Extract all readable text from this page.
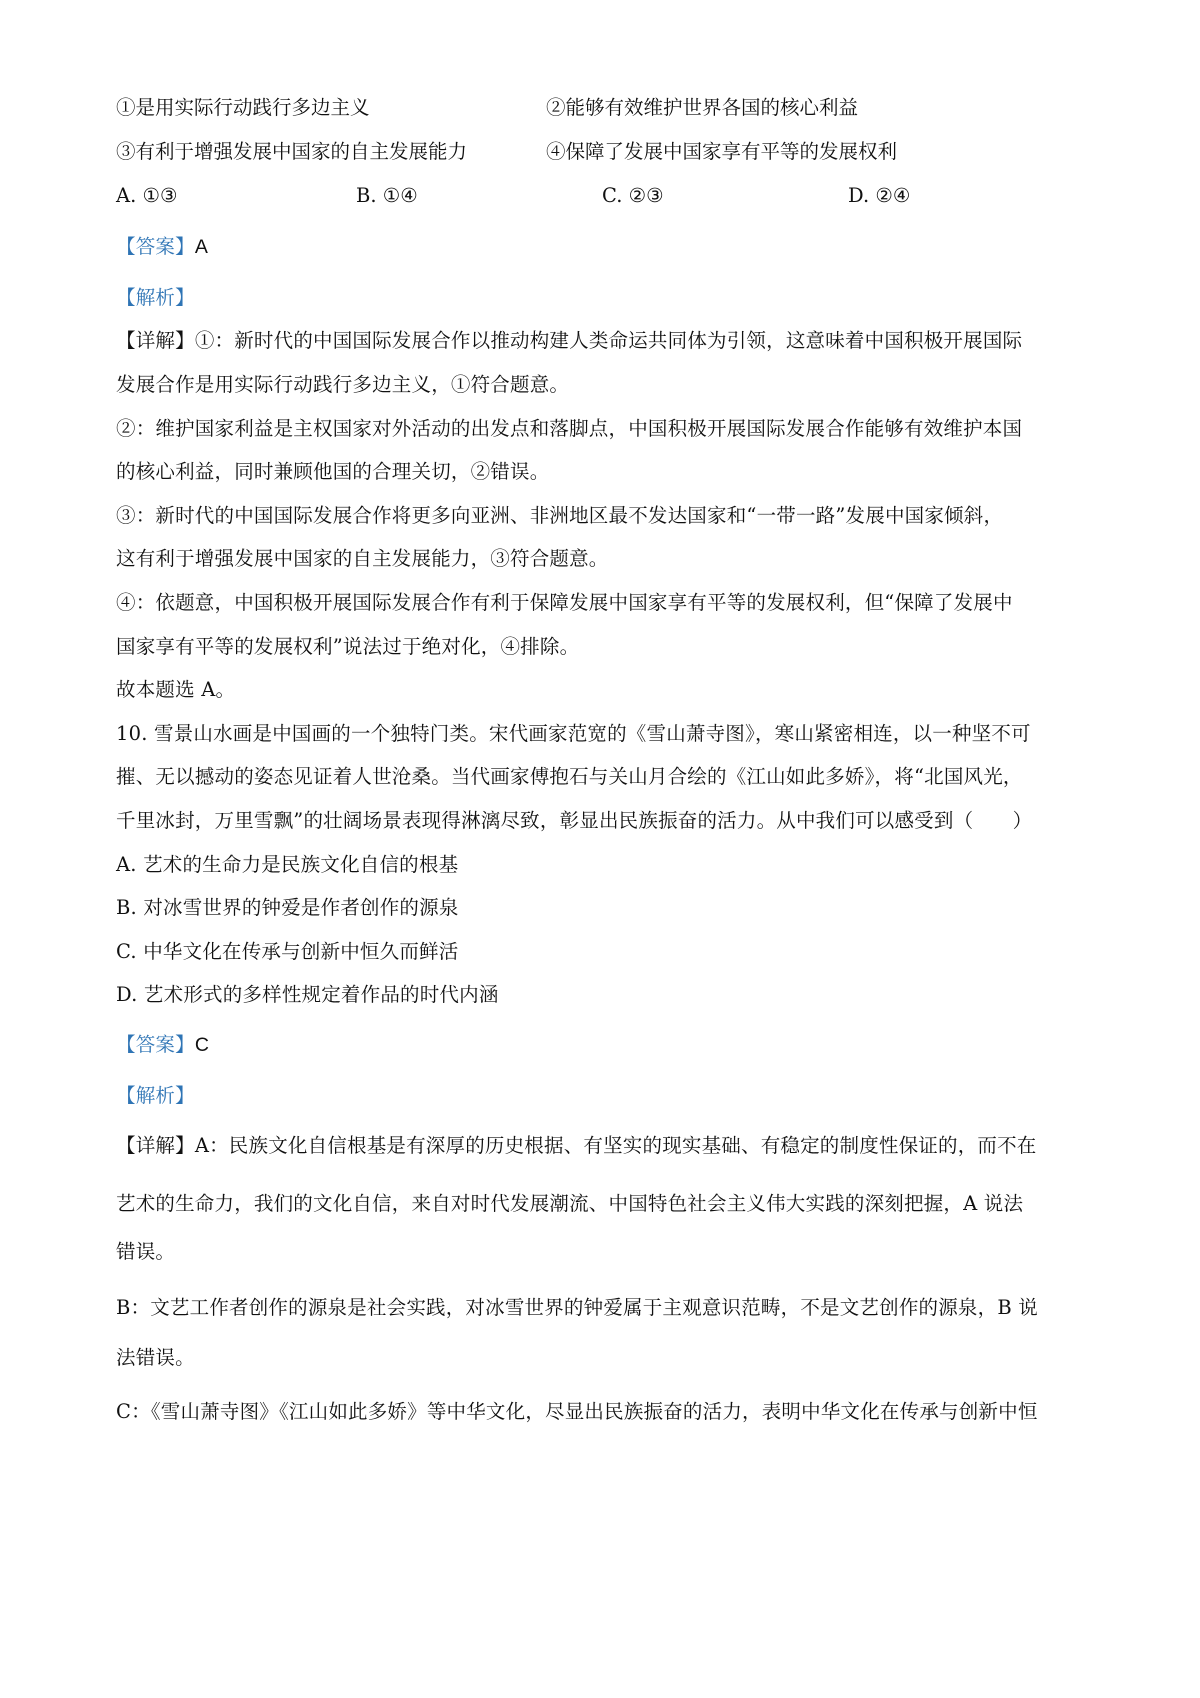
①是用实际行动践行多边主义	②能够有效维护世界各国的核心利益
③有利于增强发展中国家的自主发展能力	④保障了发展中国家享有平等的发展权利
A. ①③	B. ①④	C. ②③	D. ②④
【答案】A
【解析】
【详解】①：新时代的中国国际发展合作以推动构建人类命运共同体为引领，这意味着中国积极开展国际
发展合作是用实际行动践行多边主义，①符合题意。
②：维护国家利益是主权国家对外活动的出发点和落脚点，中国积极开展国际发展合作能够有效维护本国
的核心利益，同时兼顾他国的合理关切，②错误。
③：新时代的中国国际发展合作将更多向亚洲、非洲地区最不发达国家和“一带一路”发展中国家倾斜，
这有利于增强发展中国家的自主发展能力，③符合题意。
④：依题意，中国积极开展国际发展合作有利于保障发展中国家享有平等的发展权利，但“保障了发展中
国家享有平等的发展权利”说法过于绝对化，④排除。
故本题选 A。
10. 雪景山水画是中国画的一个独特门类。宋代画家范宽的《雪山萧寺图》，寒山紧密相连，以一种坚不可
摧、无以撼动的姿态见证着人世沧桑。当代画家傅抱石与关山月合绘的《江山如此多娇》，将“北国风光，
千里冰封，万里雪飘”的壮阔场景表现得淋漓尽致，彰显出民族振奋的活力。从中我们可以感受到（　　）
A. 艺术的生命力是民族文化自信的根基
B. 对冰雪世界的钟爱是作者创作的源泉
C. 中华文化在传承与创新中恒久而鲜活
D. 艺术形式的多样性规定着作品的时代内涵
【答案】C
【解析】
【详解】A：民族文化自信根基是有深厚的历史根据、有坚实的现实基础、有稳定的制度性保证的，而不在
艺术的生命力，我们的文化自信，来自对时代发展潮流、中国特色社会主义伟大实践的深刻把握，A 说法
错误。
B：文艺工作者创作的源泉是社会实践，对冰雪世界的钟爱属于主观意识范畴，不是文艺创作的源泉，B 说
法错误。
C：《雪山萧寺图》《江山如此多娇》等中华文化，尽显出民族振奋的活力，表明中华文化在传承与创新中恒
